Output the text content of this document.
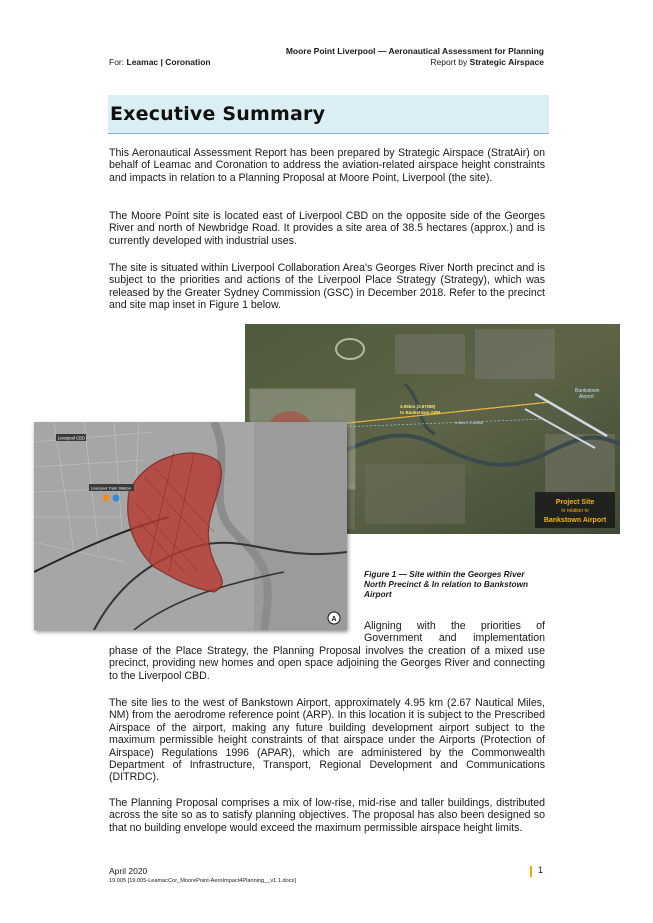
Moore Point Liverpool — Aeronautical Assessment for Planning
Report by Strategic Airspace
For: Leamac | Coronation
Executive Summary

This Aeronautical Assessment Report has been prepared by Strategic Airspace (StratAir) on behalf of Leamac and Coronation to address the aviation-related airspace height constraints and impacts in relation to a Planning Proposal at Moore Point, Liverpool (the site).

The Moore Point site is located east of Liverpool CBD on the opposite side of the Georges River and north of Newbridge Road. It provides a site area of 38.5 hectares (approx.) and is currently developed with industrial uses.

The site is situated within Liverpool Collaboration Area's Georges River North precinct and is subject to the priorities and actions of the Liverpool Place Strategy (Strategy), which was released by the Greater Sydney Commission (GSC) in December 2018. Refer to the precinct and site map inset in Figure 1 below.

4.95km (2.67NM)
to Bankstown ARP
4.9km / 2.64NM
Bankstown
Airport
Project Site
in relation to
Bankstown Airport
Liverpool CBD
Liverpool Train Station
A

Figure 1 — Site within the Georges River North Precinct & In relation to Bankstown Airport

Aligning with the priorities of Government and implementation

phase of the Place Strategy, the Planning Proposal involves the creation of a mixed use precinct, providing new homes and open space adjoining the Georges River and connecting to the Liverpool CBD.

The site lies to the west of Bankstown Airport, approximately 4.95 km (2.67 Nautical Miles, NM) from the aerodrome reference point (ARP). In this location it is subject to the Prescribed Airspace of the airport, making any future building development airport subject to the maximum permissible height constraints of that airspace under the Airports (Protection of Airspace) Regulations 1996 (APAR), which are administered by the Commonwealth Department of Infrastructure, Transport, Regional Development and Communications (DITRDC).

The Planning Proposal comprises a mix of low-rise, mid-rise and taller buildings, distributed across the site so as to satisfy planning objectives. The proposal has also been designed so that no building envelope would exceed the maximum permissible airspace height limits.

April 2020
19.005 [19.005-LeamacCor_MoorePoint-AeroImpact4Planning__v1.1.docx]
1
